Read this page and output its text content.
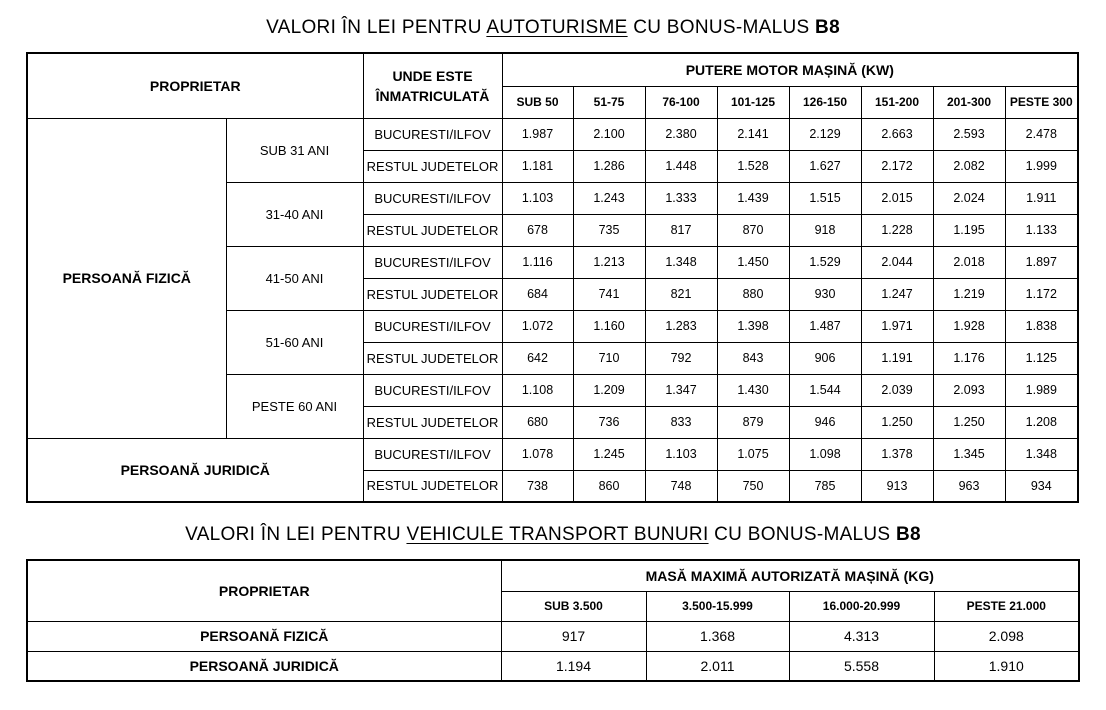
VALORI ÎN LEI PENTRU AUTOTURISME CU BONUS-MALUS B8
PROPRIETAR		UNDE ESTE ÎNMATRICULATĂ	PUTERE MOTOR MAȘINĂ (KW)							
			SUB 50	51-75	76-100	101-125	126-150	151-200	201-300	PESTE 300
PERSOANĂ FIZICĂ	SUB 31 ANI	BUCURESTI/ILFOV	1.987	2.100	2.380	2.141	2.129	2.663	2.593	2.478
		RESTUL JUDETELOR	1.181	1.286	1.448	1.528	1.627	2.172	2.082	1.999
	31-40 ANI	BUCURESTI/ILFOV	1.103	1.243	1.333	1.439	1.515	2.015	2.024	1.911
		RESTUL JUDETELOR	678	735	817	870	918	1.228	1.195	1.133
	41-50 ANI	BUCURESTI/ILFOV	1.116	1.213	1.348	1.450	1.529	2.044	2.018	1.897
		RESTUL JUDETELOR	684	741	821	880	930	1.247	1.219	1.172
	51-60 ANI	BUCURESTI/ILFOV	1.072	1.160	1.283	1.398	1.487	1.971	1.928	1.838
		RESTUL JUDETELOR	642	710	792	843	906	1.191	1.176	1.125
	PESTE 60 ANI	BUCURESTI/ILFOV	1.108	1.209	1.347	1.430	1.544	2.039	2.093	1.989
		RESTUL JUDETELOR	680	736	833	879	946	1.250	1.250	1.208
PERSOANĂ JURIDICĂ		BUCURESTI/ILFOV	1.078	1.245	1.103	1.075	1.098	1.378	1.345	1.348
		RESTUL JUDETELOR	738	860	748	750	785	913	963	934
VALORI ÎN LEI PENTRU VEHICULE TRANSPORT BUNURI CU BONUS-MALUS B8
PROPRIETAR	MASĂ MAXIMĂ AUTORIZATĂ MAȘINĂ (KG)			
	SUB 3.500	3.500-15.999	16.000-20.999	PESTE 21.000
PERSOANĂ FIZICĂ	917	1.368	4.313	2.098
PERSOANĂ JURIDICĂ	1.194	2.011	5.558	1.910
